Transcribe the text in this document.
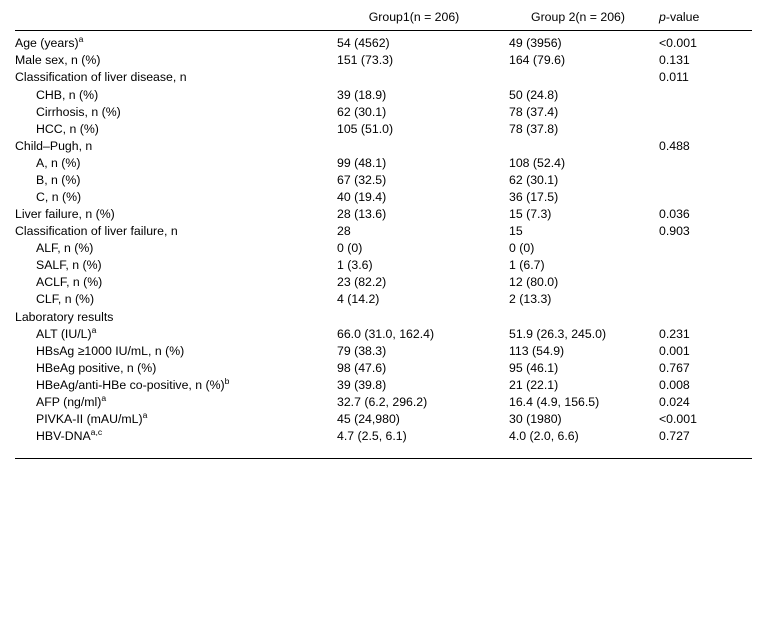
	Group1(n = 206)	Group 2(n = 206)	p-value
Age (years)$^a$	54 (4562)	49 (3956)	<0.001
Male sex, n (%)	151 (73.3)	164 (79.6)	0.131
Classification of liver disease, n			0.011
CHB, n (%)	39 (18.9)	50 (24.8)	
Cirrhosis, n (%)	62 (30.1)	78 (37.4)	
HCC, n (%)	105 (51.0)	78 (37.8)	
Child–Pugh, n			0.488
A, n (%)	99 (48.1)	108 (52.4)	
B, n (%)	67 (32.5)	62 (30.1)	
C, n (%)	40 (19.4)	36 (17.5)	
Liver failure, n (%)	28 (13.6)	15 (7.3)	0.036
Classification of liver failure, n	28	15	0.903
ALF, n (%)	0 (0)	0 (0)	
SALF, n (%)	1 (3.6)	1 (6.7)	
ACLF, n (%)	23 (82.2)	12 (80.0)	
CLF, n (%)	4 (14.2)	2 (13.3)	
Laboratory results			
ALT $(IU/L)^a$	66.0 (31.0, 162.4)	51.9 (26.3, 245.0)	0.231
HBsAg ≥1000 IU/mL, n (%)	79 (38.3)	113 (54.9)	0.001
HBeAg positive, n (%)	98 (47.6)	95 (46.1)	0.767
HBeAg/anti-HBe co-positive, n (%)$^b$	39 (39.8)	21 (22.1)	0.008
AFP $(ng/ml)^a$	32.7 (6.2, 296.2)	16.4 (4.9, 156.5)	0.024
PIVKA-II $(mAU/mL)^a$	45 (24,980)	30 (1980)	<0.001
HBV-DNA$^{a,c}$	4.7 (2.5, 6.1)	4.0 (2.0, 6.6)	0.727
